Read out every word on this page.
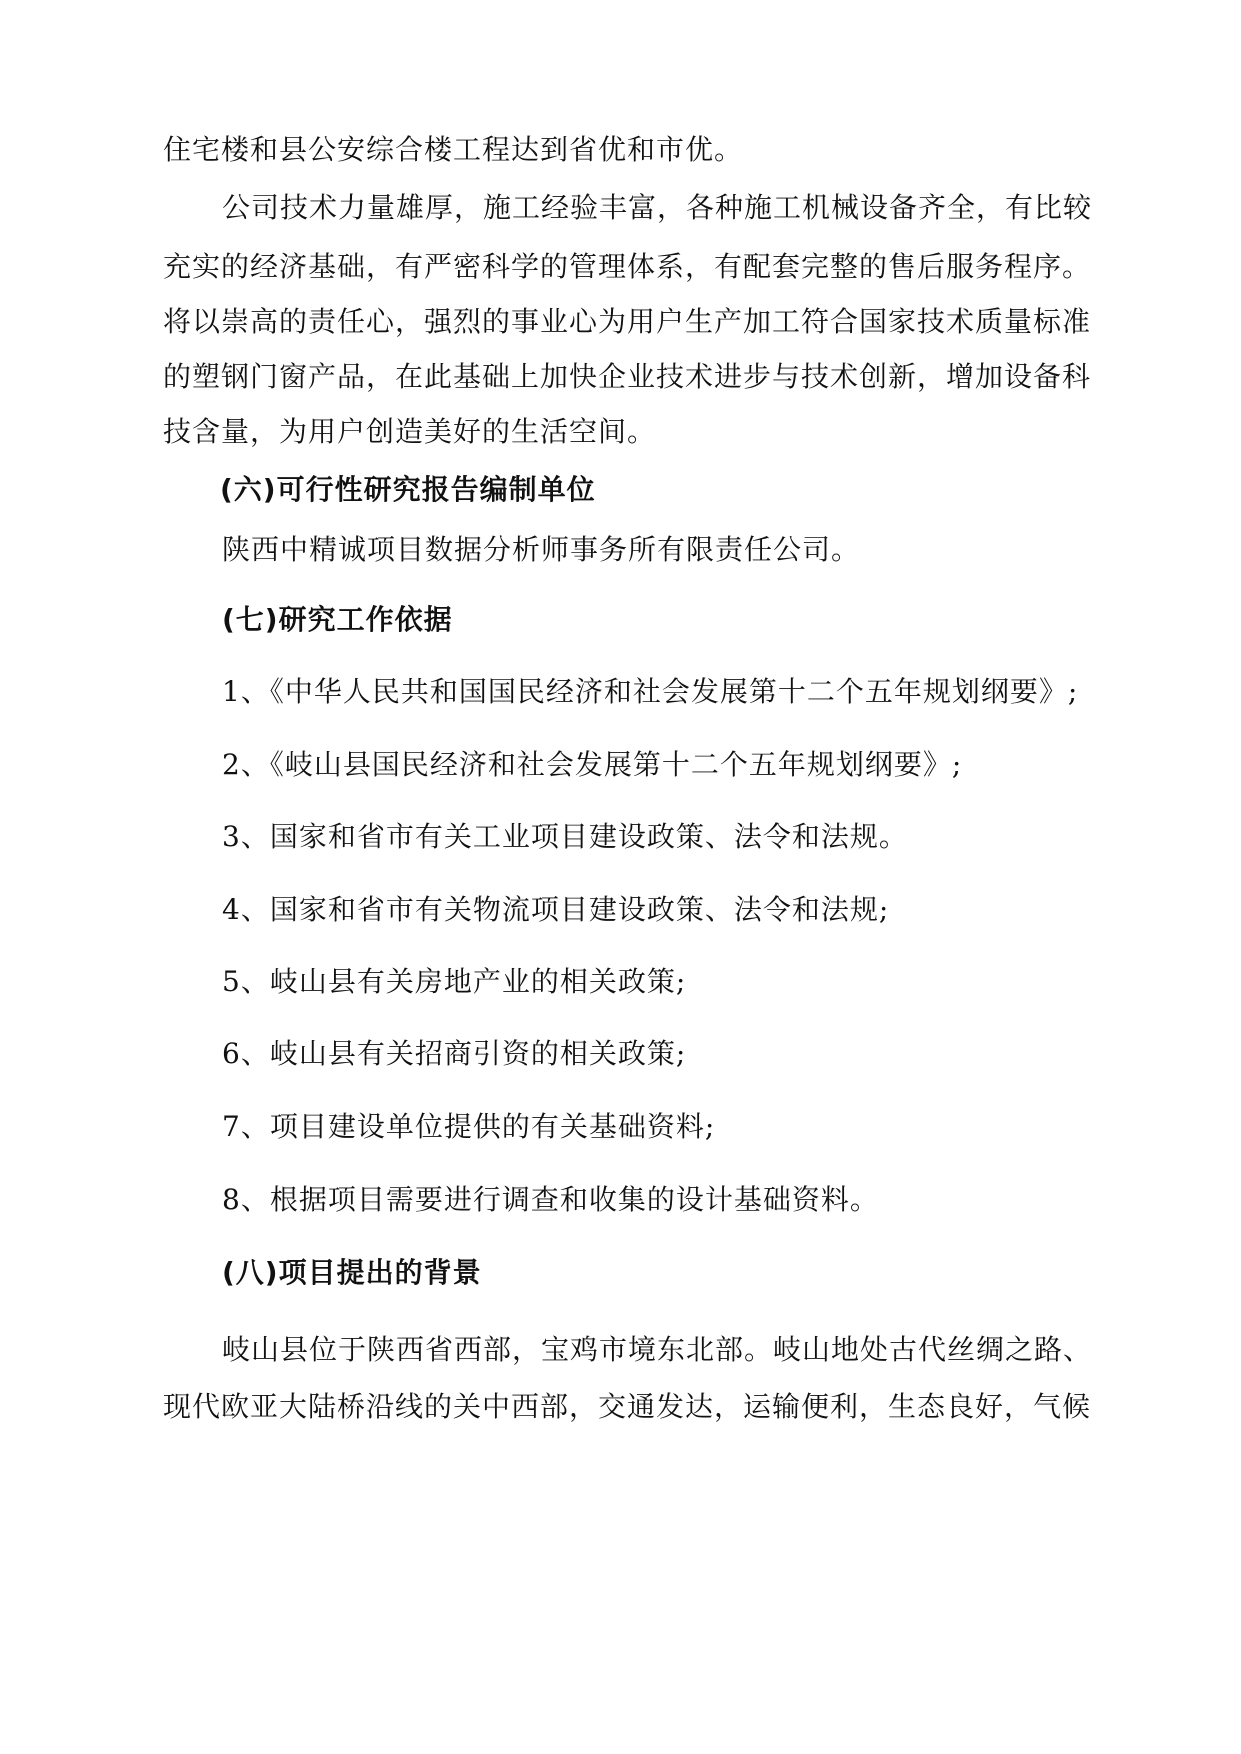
住宅楼和县公安综合楼工程达到省优和市优。
公司技术力量雄厚，施工经验丰富，各种施工机械设备齐全，有比较
充实的经济基础，有严密科学的管理体系，有配套完整的售后服务程序。
将以崇高的责任心，强烈的事业心为用户生产加工符合国家技术质量标准
的塑钢门窗产品，在此基础上加快企业技术进步与技术创新，增加设备科
技含量，为用户创造美好的生活空间。
(六)可行性研究报告编制单位
陕西中精诚项目数据分析师事务所有限责任公司。
(七)研究工作依据
1、《中华人民共和国国民经济和社会发展第十二个五年规划纲要》;
2、《岐山县国民经济和社会发展第十二个五年规划纲要》;
3、国家和省市有关工业项目建设政策、法令和法规。
4、国家和省市有关物流项目建设政策、法令和法规;
5、岐山县有关房地产业的相关政策;
6、岐山县有关招商引资的相关政策;
7、项目建设单位提供的有关基础资料;
8、根据项目需要进行调查和收集的设计基础资料。
(八)项目提出的背景
岐山县位于陕西省西部，宝鸡市境东北部。岐山地处古代丝绸之路、
现代欧亚大陆桥沿线的关中西部，交通发达，运输便利，生态良好，气候
